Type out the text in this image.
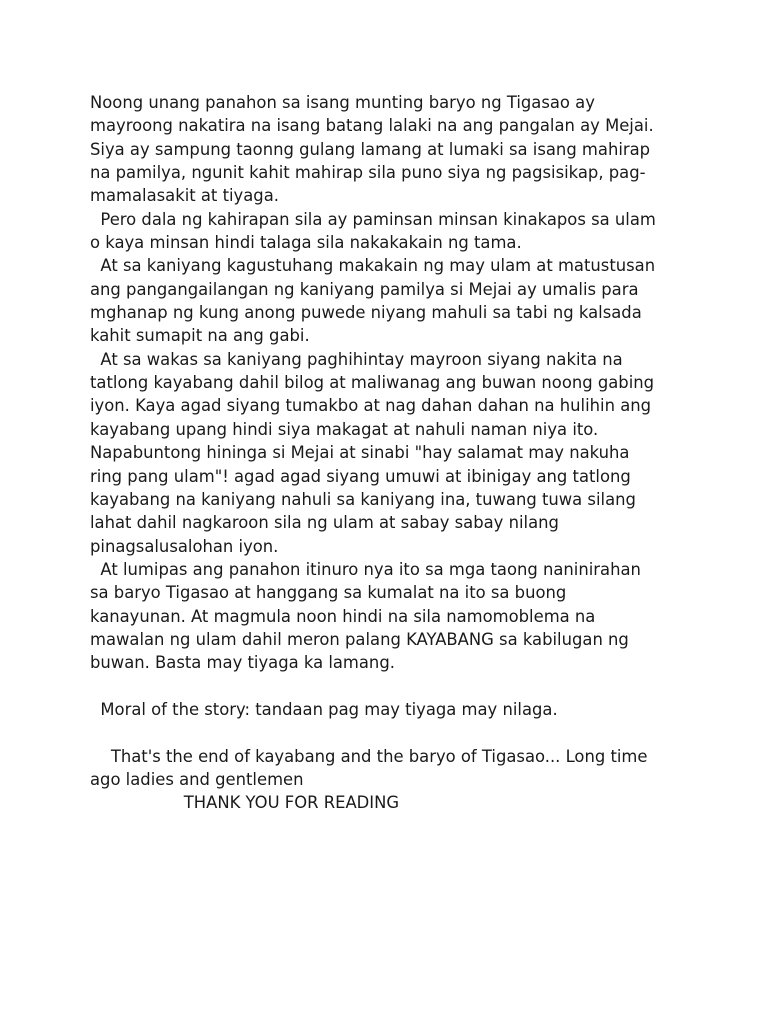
Noong unang panahon sa isang munting baryo ng Tigasao ay
mayroong nakatira na isang batang lalaki na ang pangalan ay Mejai.
Siya ay sampung taonng gulang lamang at lumaki sa isang mahirap
na pamilya, ngunit kahit mahirap sila puno siya ng pagsisikap, pag-
mamalasakit at tiyaga.
Pero dala ng kahirapan sila ay paminsan minsan kinakapos sa ulam
o kaya minsan hindi talaga sila nakakakain ng tama.
At sa kaniyang kagustuhang makakain ng may ulam at matustusan
ang pangangailangan ng kaniyang pamilya si Mejai ay umalis para
mghanap ng kung anong puwede niyang mahuli sa tabi ng kalsada
kahit sumapit na ang gabi.
At sa wakas sa kaniyang paghihintay mayroon siyang nakita na
tatlong kayabang dahil bilog at maliwanag ang buwan noong gabing
iyon. Kaya agad siyang tumakbo at nag dahan dahan na hulihin ang
kayabang upang hindi siya makagat at nahuli naman niya ito.
Napabuntong hininga si Mejai at sinabi "hay salamat may nakuha
ring pang ulam"! agad agad siyang umuwi at ibinigay ang tatlong
kayabang na kaniyang nahuli sa kaniyang ina, tuwang tuwa silang
lahat dahil nagkaroon sila ng ulam at sabay sabay nilang
pinagsalusalohan iyon.
At lumipas ang panahon itinuro nya ito sa mga taong naninirahan
sa baryo Tigasao at hanggang sa kumalat na ito sa buong
kanayunan. At magmula noon hindi na sila namomoblema na
mawalan ng ulam dahil meron palang KAYABANG sa kabilugan ng
buwan. Basta may tiyaga ka lamang.
Moral of the story: tandaan pag may tiyaga may nilaga.
That's the end of kayabang and the baryo of Tigasao... Long time
ago ladies and gentlemen
THANK YOU FOR READING
